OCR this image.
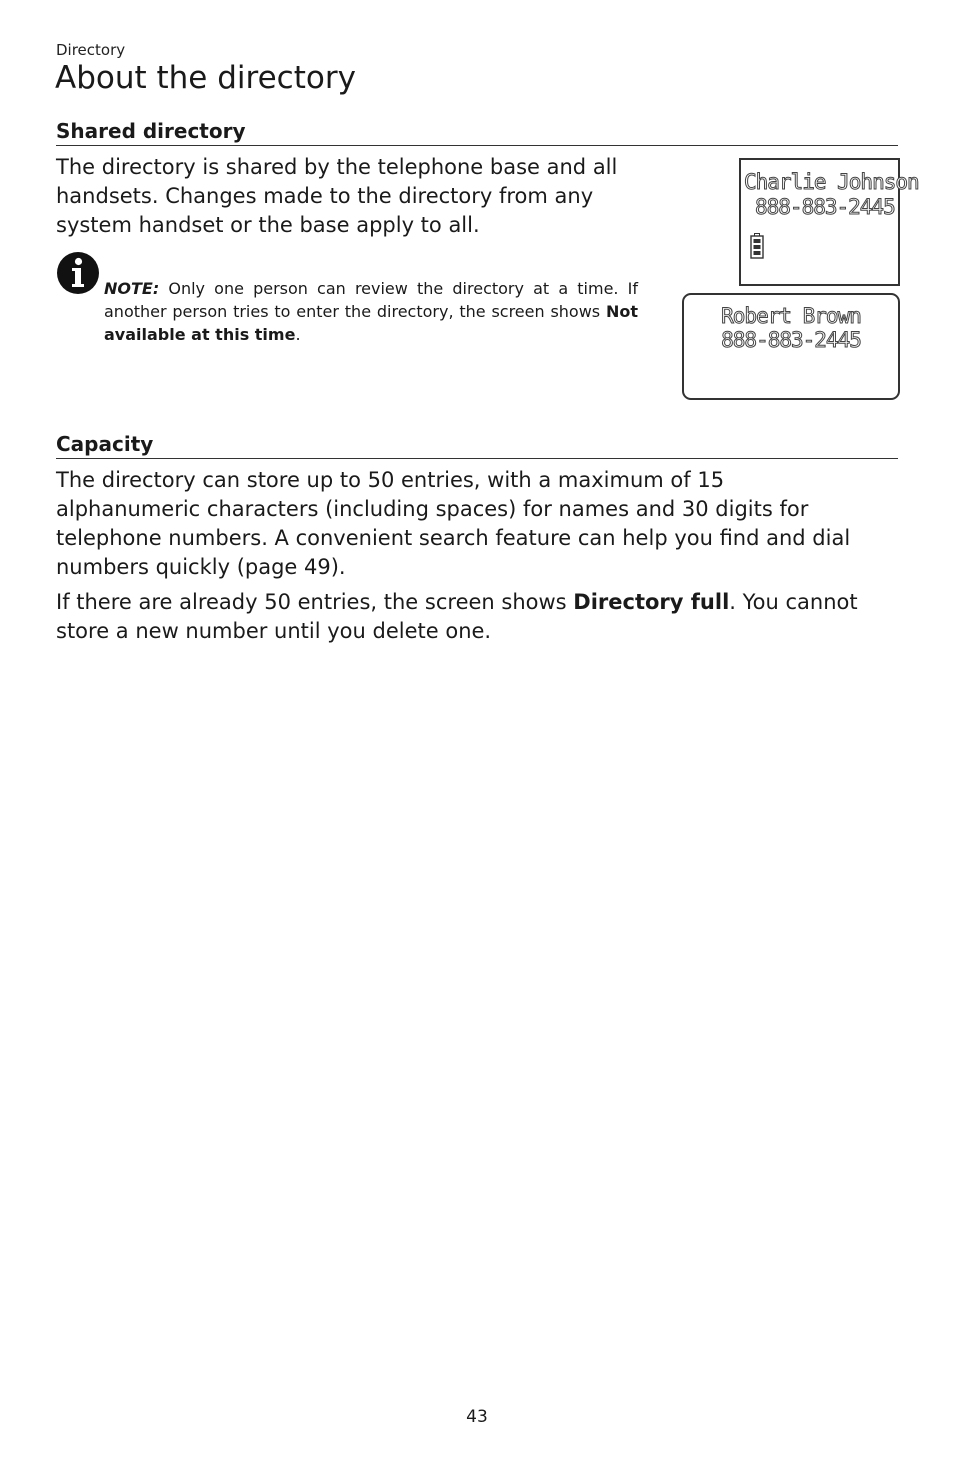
Directory
About the directory
Shared directory

The directory is shared by the telephone base and all
handsets. Changes made to the directory from any
system handset or the base apply to all.

NOTE: Only one person can review the directory at a time. If another person tries to enter the directory, the screen shows Not available at this time.

Charlie Johnson
888-883-2445
Robert Brown
888-883-2445
Capacity

The directory can store up to 50 entries, with a maximum of 15
alphanumeric characters (including spaces) for names and 30 digits for
telephone numbers. A convenient search feature can help you find and dial
numbers quickly (page 49).

If there are already 50 entries, the screen shows Directory full. You cannot
store a new number until you delete one.

43
